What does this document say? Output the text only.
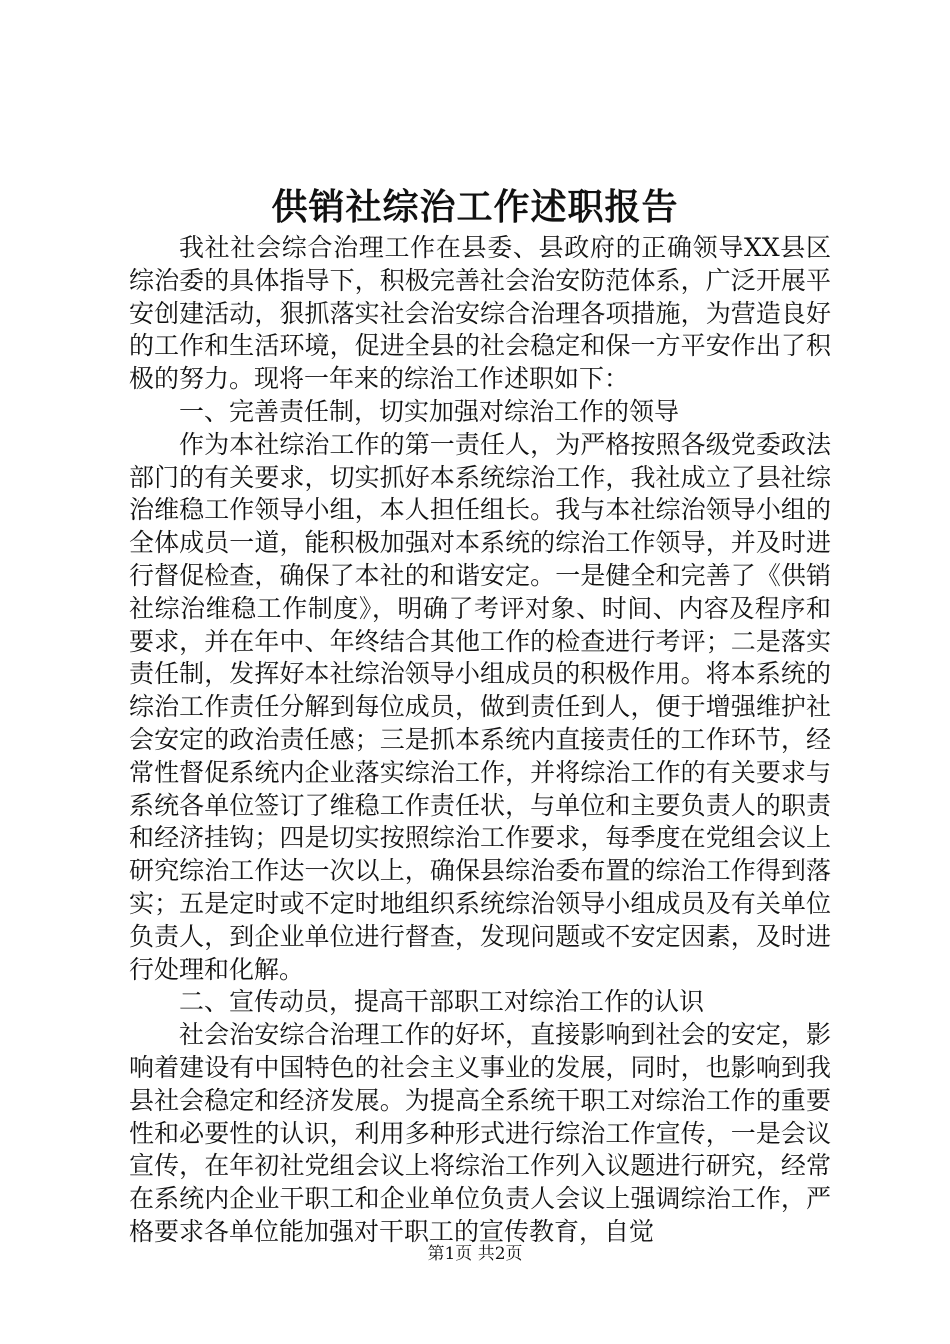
供销社综治工作述职报告

我社社会综合治理工作在县委、县政府的正确领导XX县区综治委的具体指导下，积极完善社会治安防范体系，广泛开展平安创建活动，狠抓落实社会治安综合治理各项措施，为营造良好的工作和生活环境，促进全县的社会稳定和保一方平安作出了积极的努力。现将一年来的综治工作述职如下：

一、完善责任制，切实加强对综治工作的领导

作为本社综治工作的第一责任人，为严格按照各级党委政法部门的有关要求，切实抓好本系统综治工作，我社成立了县社综治维稳工作领导小组，本人担任组长。我与本社综治领导小组的全体成员一道，能积极加强对本系统的综治工作领导，并及时进行督促检查，确保了本社的和谐安定。一是健全和完善了《供销社综治维稳工作制度》，明确了考评对象、时间、内容及程序和要求，并在年中、年终结合其他工作的检查进行考评；二是落实责任制，发挥好本社综治领导小组成员的积极作用。将本系统的综治工作责任分解到每位成员，做到责任到人，便于增强维护社会安定的政治责任感；三是抓本系统内直接责任的工作环节，经常性督促系统内企业落实综治工作，并将综治工作的有关要求与系统各单位签订了维稳工作责任状，与单位和主要负责人的职责和经济挂钩；四是切实按照综治工作要求，每季度在党组会议上研究综治工作达一次以上，确保县综治委布置的综治工作得到落实；五是定时或不定时地组织系统综治领导小组成员及有关单位负责人，到企业单位进行督查，发现问题或不安定因素，及时进行处理和化解。

二、宣传动员，提高干部职工对综治工作的认识

社会治安综合治理工作的好坏，直接影响到社会的安定，影响着建设有中国特色的社会主义事业的发展，同时，也影响到我县社会稳定和经济发展。为提高全系统干职工对综治工作的重要性和必要性的认识，利用多种形式进行综治工作宣传，一是会议宣传，在年初社党组会议上将综治工作列入议题进行研究，经常在系统内企业干职工和企业单位负责人会议上强调综治工作，严格要求各单位能加强对干职工的宣传教育，自觉

第1页 共2页
